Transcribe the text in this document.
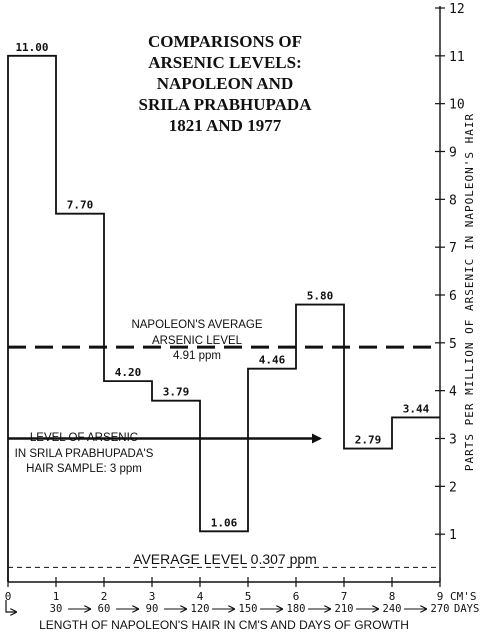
COMPARISONS OF
ARSENIC LEVELS:
NAPOLEON AND
SRILA PRABHUPADA
1821 AND 1977
NAPOLEON'S AVERAGE
ARSENIC LEVEL
4.91 ppm
AVERAGE LEVEL 0.307 ppm
11.00
7.70
4.20
3.79
1.06
4.46
5.80
2.79
3.44
LEVEL OF ARSENIC
IN SRILA PRABHUPADA'S
HAIR SAMPLE: 3 ppm
0	1	2	3	4	5	6	7	8	9 CM'S
30	60	90	120	150	180	210	240	270 DAYS
LENGTH OF NAPOLEON'S HAIR IN CM'S AND DAYS OF GROWTH
1
2
3
4
5
6
7
8
9
10
11
12
PARTS PER MILLION OF ARSENIC IN NAPOLEON'S HAIR
